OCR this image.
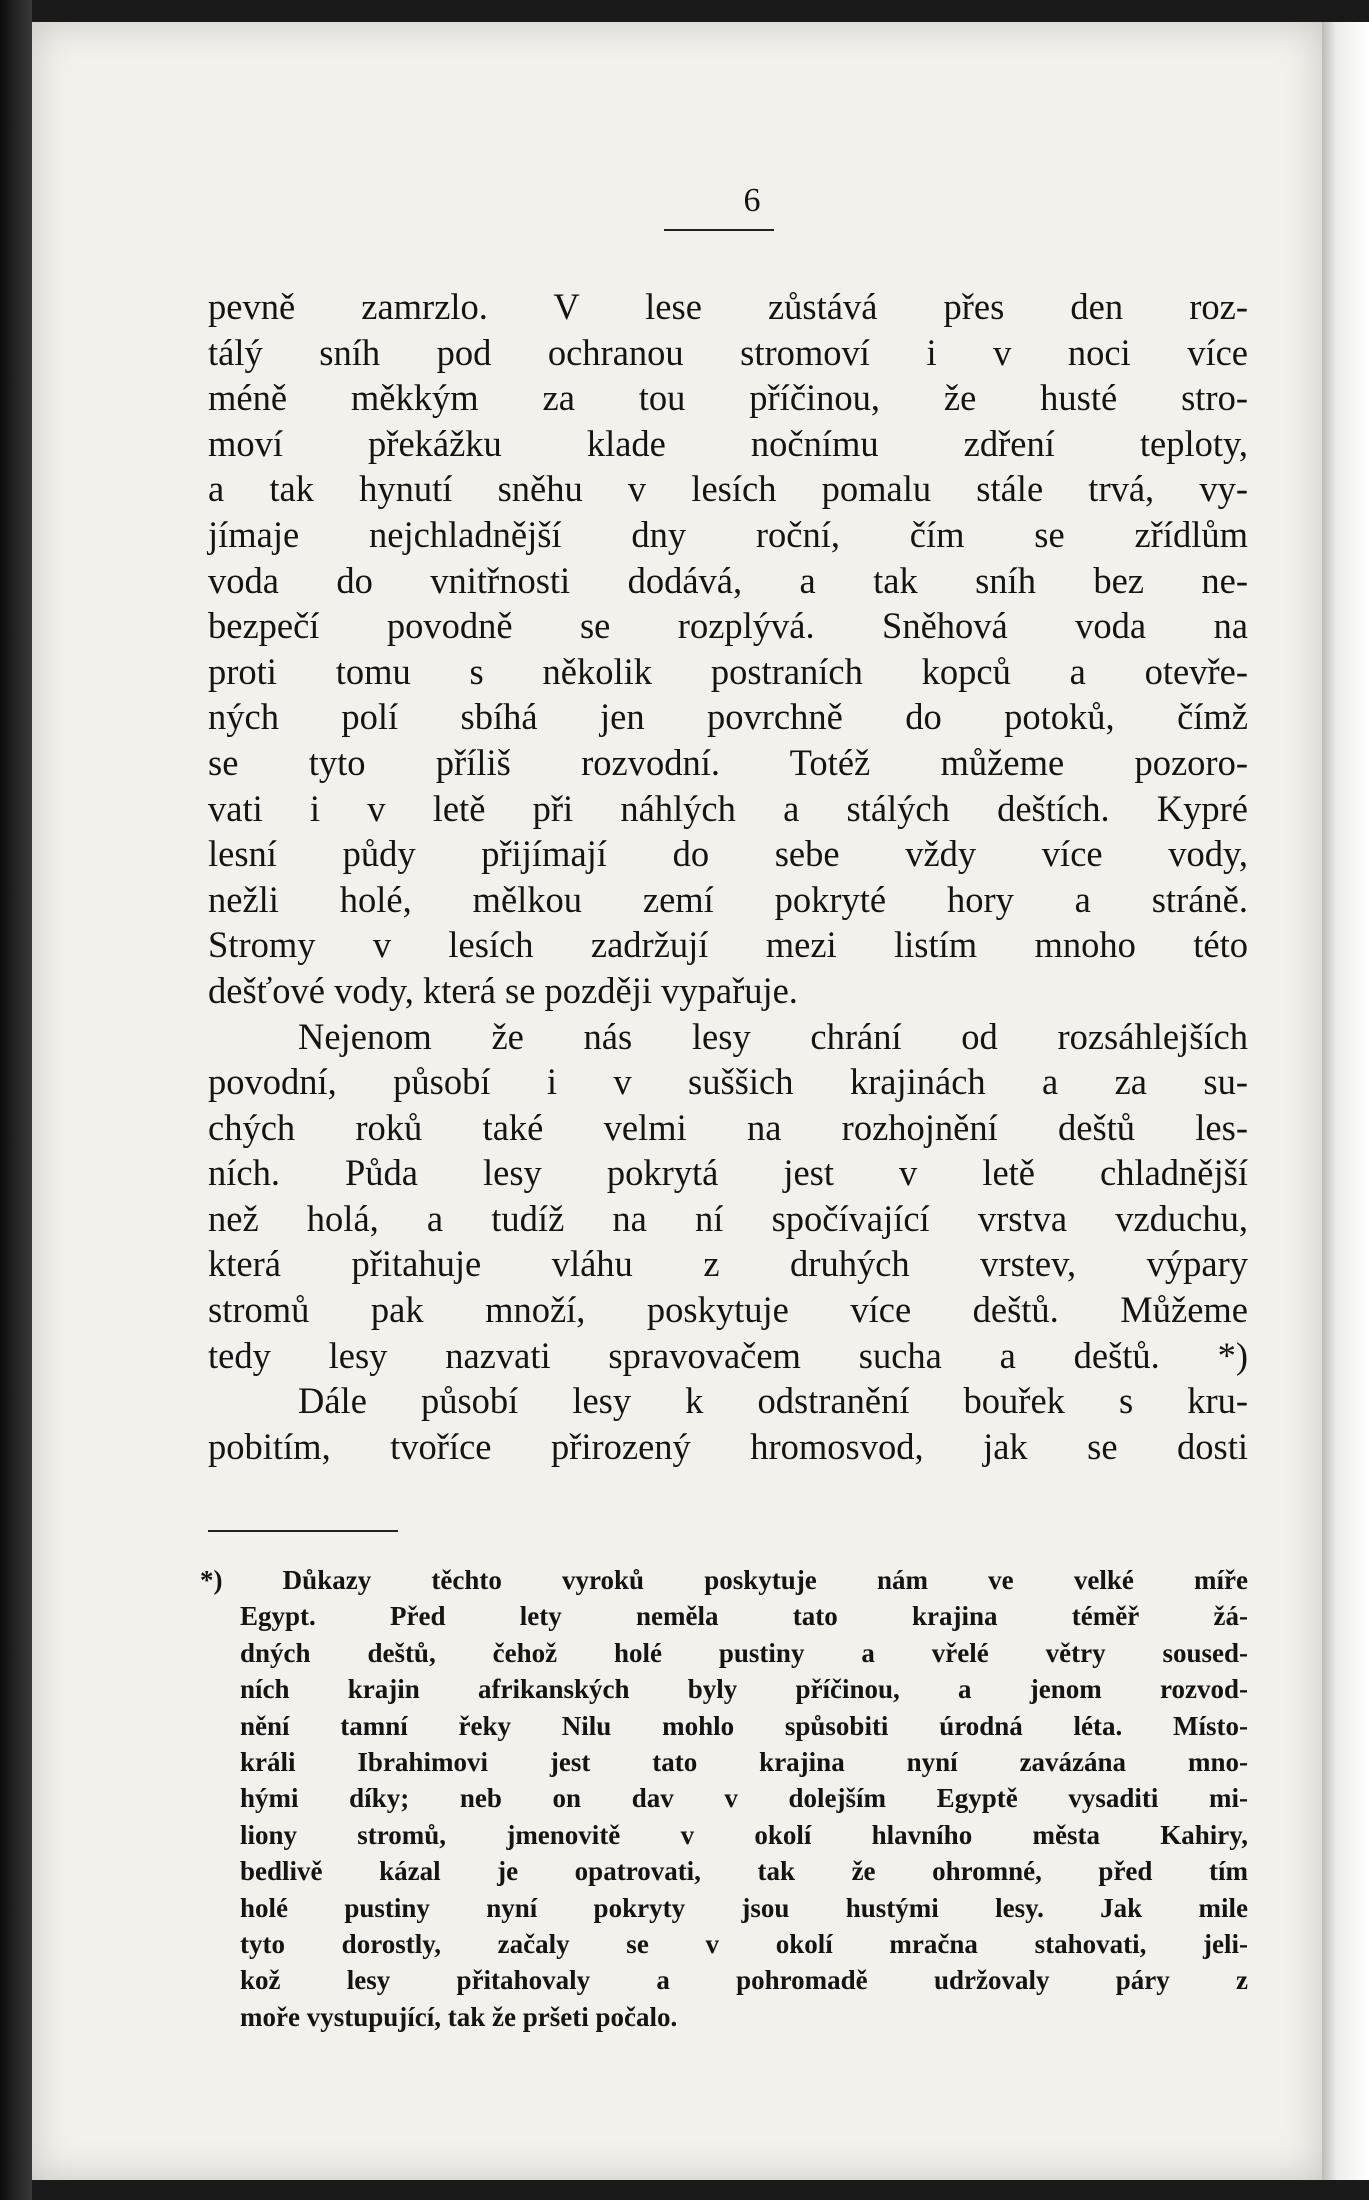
6
pevně zamrzlo. V lese zůstává přes den roz-
tálý sníh pod ochranou stromoví i v noci více
méně měkkým za tou příčinou, že husté stro-
moví překážku klade nočnímu zdření teploty,
a tak hynutí sněhu v lesích pomalu stále trvá, vy-
jímaje nejchladnější dny roční, čím se zřídlům
voda do vnitřnosti dodává, a tak sníh bez ne-
bezpečí povodně se rozplývá. Sněhová voda na
proti tomu s několik postraních kopců a otevře-
ných polí sbíhá jen povrchně do potoků, čímž
se tyto příliš rozvodní. Totéž můžeme pozoro-
vati i v letě při náhlých a stálých deštích. Kypré
lesní půdy přijímají do sebe vždy více vody,
nežli holé, mělkou zemí pokryté hory a stráně.
Stromy v lesích zadržují mezi listím mnoho této
dešťové vody, která se později vypařuje.
Nejenom že nás lesy chrání od rozsáhlejších
povodní, působí i v suššich krajinách a za su-
chých roků také velmi na rozhojnění deštů les-
ních. Půda lesy pokrytá jest v letě chladnější
než holá, a tudíž na ní spočívající vrstva vzduchu,
která přitahuje vláhu z druhých vrstev, výpary
stromů pak množí, poskytuje více deštů. Můžeme
tedy lesy nazvati spravovačem sucha a deštů. *)
Dále působí lesy k odstranění bouřek s kru-
pobitím, tvoříce přirozený hromosvod, jak se dosti
*) Důkazy těchto vyroků poskytuje nám ve velké míře
Egypt. Před lety neměla tato krajina téměř žá-
dných deštů, čehož holé pustiny a vřelé větry soused-
ních krajin afrikanských byly příčinou, a jenom rozvod-
nění tamní řeky Nilu mohlo spůsobiti úrodná léta. Místo-
králi Ibrahimovi jest tato krajina nyní zavázána mno-
hými díky; neb on dav v dolejším Egyptě vysaditi mi-
liony stromů, jmenovitě v okolí hlavního města Kahiry,
bedlivě kázal je opatrovati, tak že ohromné, před tím
holé pustiny nyní pokryty jsou hustými lesy. Jak mile
tyto dorostly, začaly se v okolí mračna stahovati, jeli-
kož lesy přitahovaly a pohromadě udržovaly páry z
moře vystupující, tak že pršeti počalo.
